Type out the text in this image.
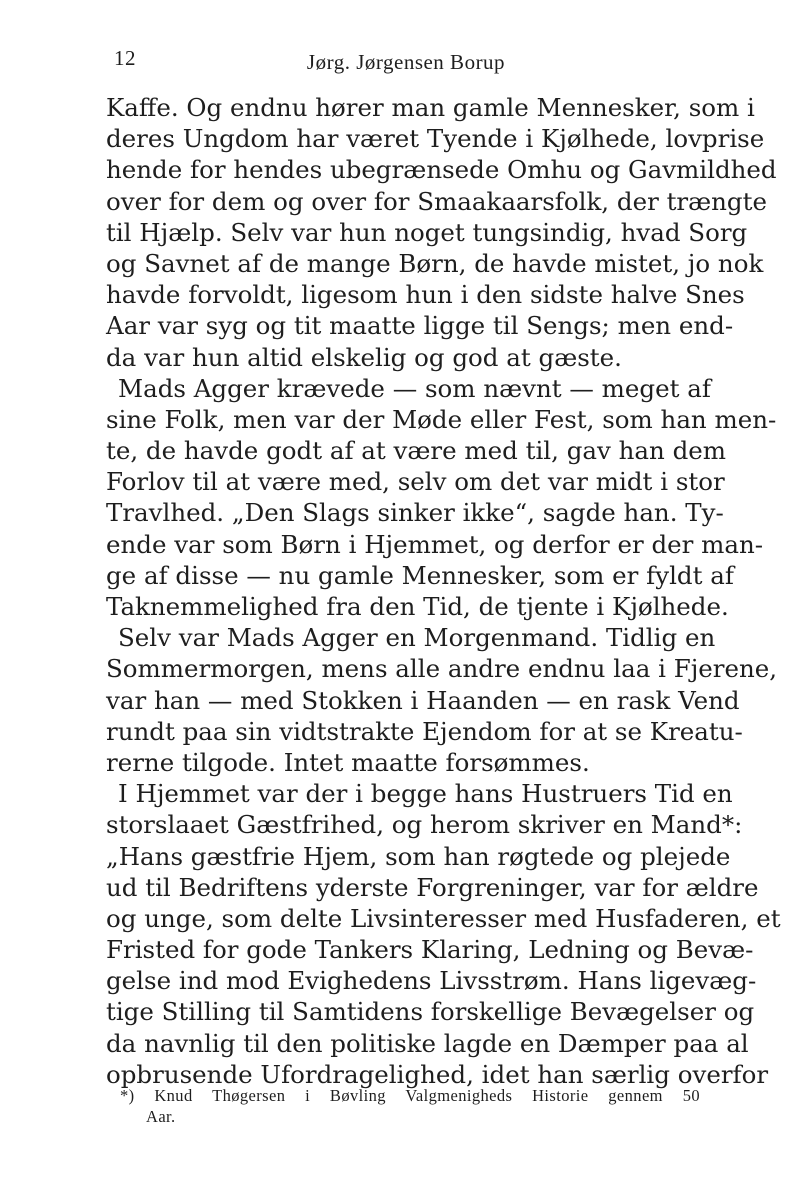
12	Jørg. Jørgensen Borup
Kaffe. Og endnu hører man gamle Mennesker, som i
deres Ungdom har været Tyende i Kjølhede, lovprise
hende for hendes ubegrænsede Omhu og Gavmildhed
over for dem og over for Smaakaarsfolk, der trængte
til Hjælp. Selv var hun noget tungsindig, hvad Sorg
og Savnet af de mange Børn, de havde mistet, jo nok
havde forvoldt, ligesom hun i den sidste halve Snes
Aar var syg og tit maatte ligge til Sengs; men end-
da var hun altid elskelig og god at gæste.
Mads Agger krævede — som nævnt — meget af
sine Folk, men var der Møde eller Fest, som han men-
te, de havde godt af at være med til, gav han dem
Forlov til at være med, selv om det var midt i stor
Travlhed. „Den Slags sinker ikke“, sagde han. Ty-
ende var som Børn i Hjemmet, og derfor er der man-
ge af disse — nu gamle Mennesker, som er fyldt af
Taknemmelighed fra den Tid, de tjente i Kjølhede.
Selv var Mads Agger en Morgenmand. Tidlig en
Sommermorgen, mens alle andre endnu laa i Fjerene,
var han — med Stokken i Haanden — en rask Vend
rundt paa sin vidtstrakte Ejendom for at se Kreatu-
rerne tilgode. Intet maatte forsømmes.
I Hjemmet var der i begge hans Hustruers Tid en
storslaaet Gæstfrihed, og herom skriver en Mand*:
„Hans gæstfrie Hjem, som han røgtede og plejede
ud til Bedriftens yderste Forgreninger, var for ældre
og unge, som delte Livsinteresser med Husfaderen, et
Fristed for gode Tankers Klaring, Ledning og Bevæ-
gelse ind mod Evighedens Livsstrøm. Hans ligevæg-
tige Stilling til Samtidens forskellige Bevægelser og
da navnlig til den politiske lagde en Dæmper paa al
opbrusende Ufordragelighed, idet han særlig overfor
*) Knud Thøgersen i Bøvling Valgmenigheds Historie gennem 50
Aar.
